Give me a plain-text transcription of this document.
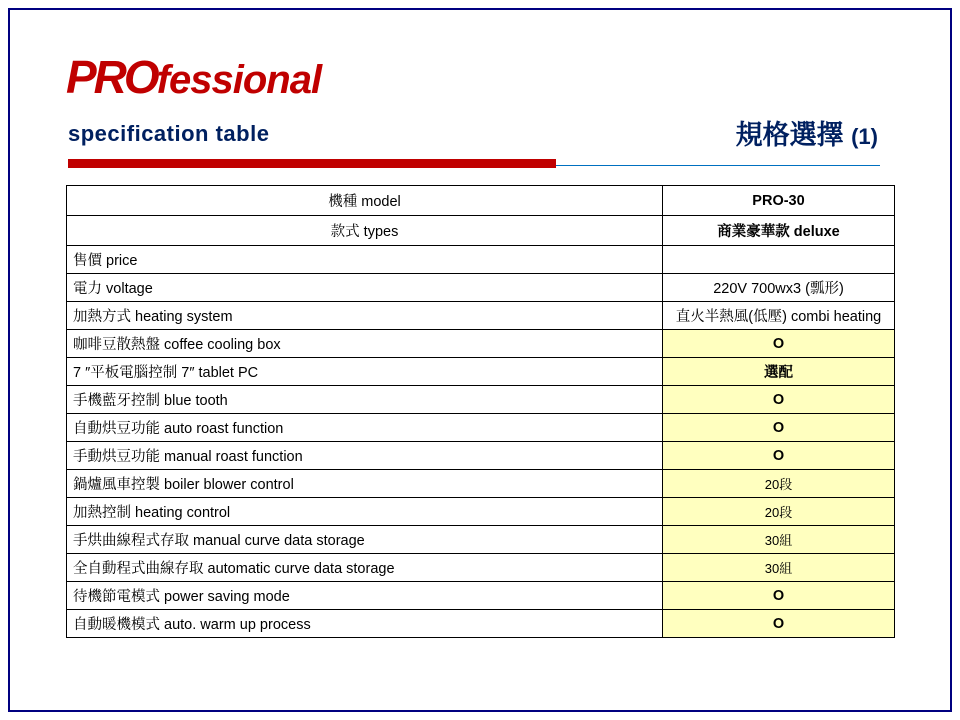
PROfessional
specification table	規格選擇 (1)
機種 model	PRO-30
款式 types	商業豪華款 deluxe
售價 price	
電力 voltage	220V 700wx3 (瓢形)
加熱方式 heating system	直火半熱風(低壓) combi heating
咖啡豆散熱盤 coffee cooling box	O
7 ″平板電腦控制 7″ tablet PC	選配
手機藍牙控制 blue tooth	O
自動烘豆功能 auto roast function	O
手動烘豆功能 manual roast function	O
鍋爐風車控製 boiler blower control	20段
加熱控制 heating control	20段
手烘曲線程式存取 manual curve data storage	30組
全自動程式曲線存取 automatic curve data storage	30組
待機節電模式 power saving mode	O
自動暖機模式 auto. warm up process	O
